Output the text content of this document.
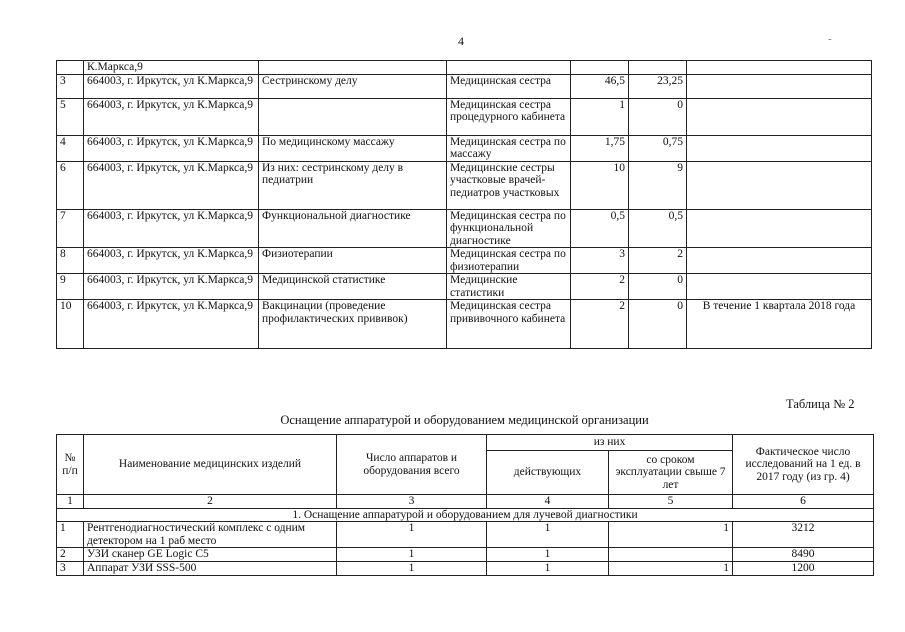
4	-
	К.Маркса,9					
3	664003, г. Иркутск, ул К.Маркса,9	Сестринскому делу	Медицинская сестра	46,5	23,25	
5	664003, г. Иркутск, ул К.Маркса,9		Медицинская сестра процедурного кабинета	1	0	
4	664003, г. Иркутск, ул К.Маркса,9	По медицинскому массажу	Медицинская сестра по массажу	1,75	0,75	
6	664003, г. Иркутск, ул К.Маркса,9	Из них: сестринскому делу в педиатрии	Медицинские сестры участковые врачей-педиатров участковых	10	9	
7	664003, г. Иркутск, ул К.Маркса,9	Функциональной диагностике	Медицинская сестра по функциональной диагностике	0,5	0,5	
8	664003, г. Иркутск, ул К.Маркса,9	Физиотерапии	Медицинская сестра по физиотерапии	3	2	
9	664003, г. Иркутск, ул К.Маркса,9	Медицинской статистике	Медицинские статистики	2	0	
10	664003, г. Иркутск, ул К.Маркса,9	Вакцинации (проведение профилактических прививок)	Медицинская сестра прививочного кабинета	2	0	В течение 1 квартала 2018 года
Таблица № 2
Оснащение аппаратурой и оборудованием медицинской организации
№ п/п	Наименование медицинских изделий	Число аппаратов и оборудования всего	из них		Фактическое число исследований на 1 ед. в 2017 году (из гр. 4)
			действующих	со сроком эксплуатации свыше 7 лет	
1	2	3	4	5	6
1. Оснащение аппаратурой и оборудованием для лучевой диагностики					
1	Рентгенодиагностический комплекс с одним детектором на 1 раб место	1	1	1	3212
2	УЗИ сканер GE Logic C5	1	1		8490
3	Аппарат УЗИ SSS-500	1	1	1	1200
